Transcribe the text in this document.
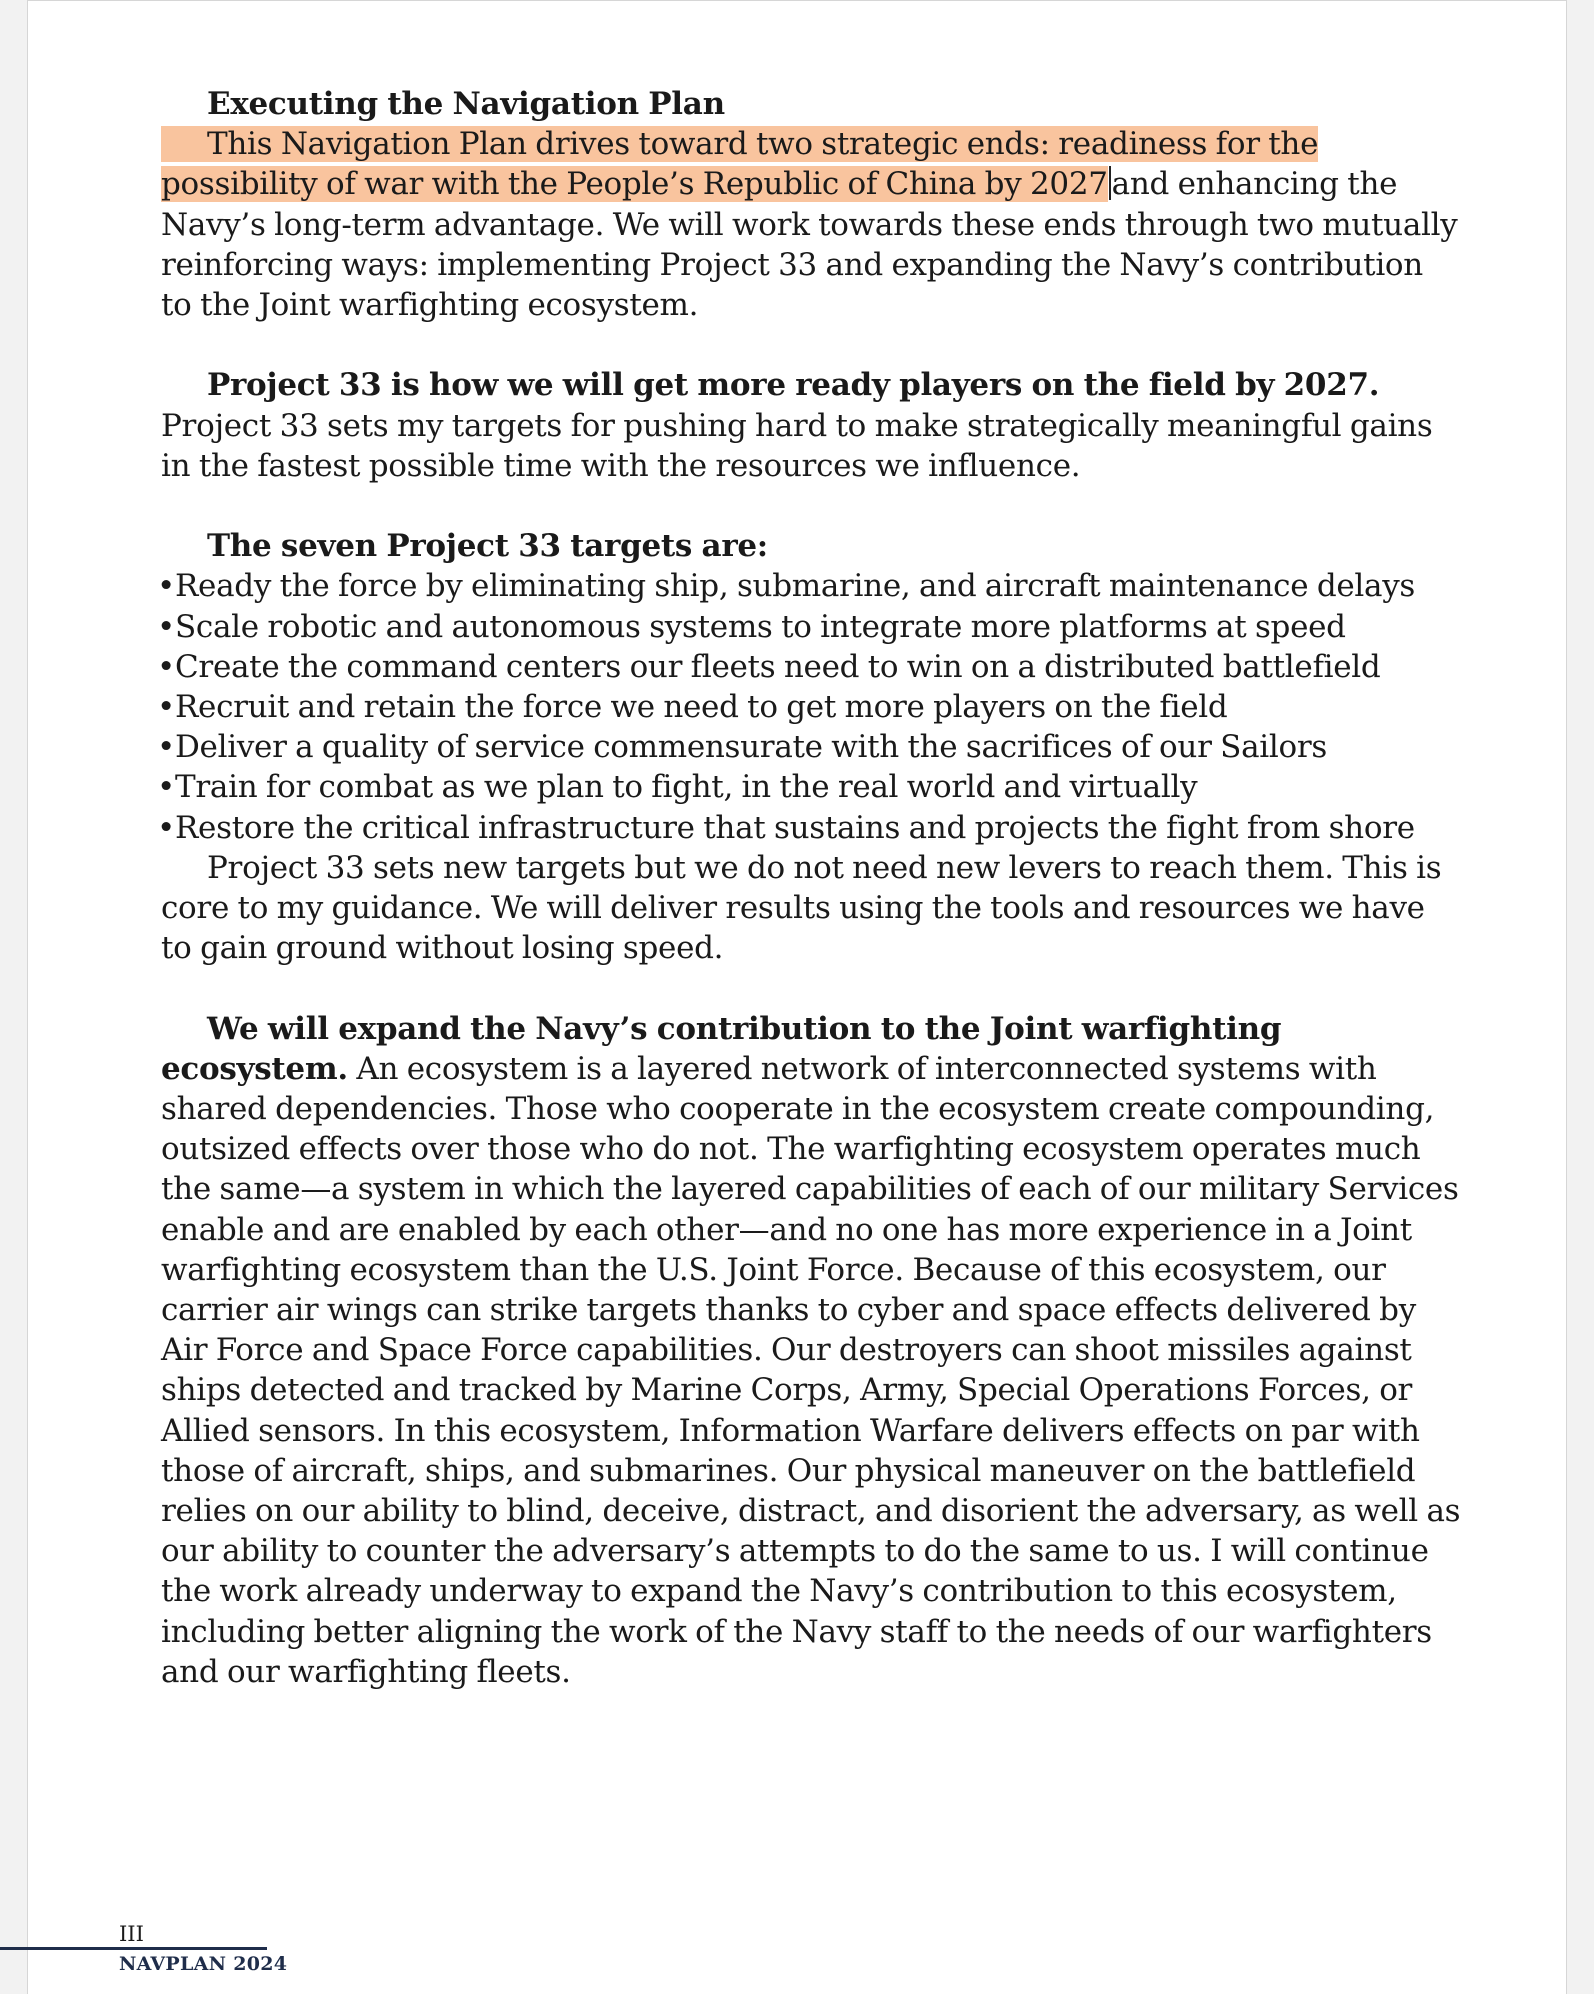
Executing the Navigation Plan

This Navigation Plan drives toward two strategic ends: readiness for the
possibility of war with the People’s Republic of China by 2027 and enhancing the Navy’s long-term advantage. We will work towards these ends through two mutually reinforcing ways: implementing Project 33 and expanding the Navy’s contribution to the Joint warfighting ecosystem.

Project 33 is how we will get more ready players on the field by 2027. Project 33 sets my targets for pushing hard to make strategically meaningful gains in the fastest possible time with the resources we influence.

The seven Project 33 targets are:

• Ready the force by eliminating ship, submarine, and aircraft maintenance delays
• Scale robotic and autonomous systems to integrate more platforms at speed
• Create the command centers our fleets need to win on a distributed battlefield
• Recruit and retain the force we need to get more players on the field
• Deliver a quality of service commensurate with the sacrifices of our Sailors
• Train for combat as we plan to fight, in the real world and virtually
• Restore the critical infrastructure that sustains and projects the fight from shore

Project 33 sets new targets but we do not need new levers to reach them. This is core to my guidance. We will deliver results using the tools and resources we have to gain ground without losing speed.

We will expand the Navy’s contribution to the Joint warfighting ecosystem. An ecosystem is a layered network of interconnected systems with shared dependencies. Those who cooperate in the ecosystem create compounding, outsized effects over those who do not. The warfighting ecosystem operates much the same—a system in which the layered capabilities of each of our military Services enable and are enabled by each other—and no one has more experience in a Joint warfighting ecosystem than the U.S. Joint Force. Because of this ecosystem, our carrier air wings can strike targets thanks to cyber and space effects delivered by Air Force and Space Force capabilities. Our destroyers can shoot missiles against ships detected and tracked by Marine Corps, Army, Special Operations Forces, or Allied sensors. In this ecosystem, Information Warfare delivers effects on par with those of aircraft, ships, and submarines. Our physical maneuver on the battlefield relies on our ability to blind, deceive, distract, and disorient the adversary, as well as our ability to counter the adversary’s attempts to do the same to us. I will continue the work already underway to expand the Navy’s contribution to this ecosystem, including better aligning the work of the Navy staff to the needs of our warfighters and our warfighting fleets.

III
NAVPLAN 2024
